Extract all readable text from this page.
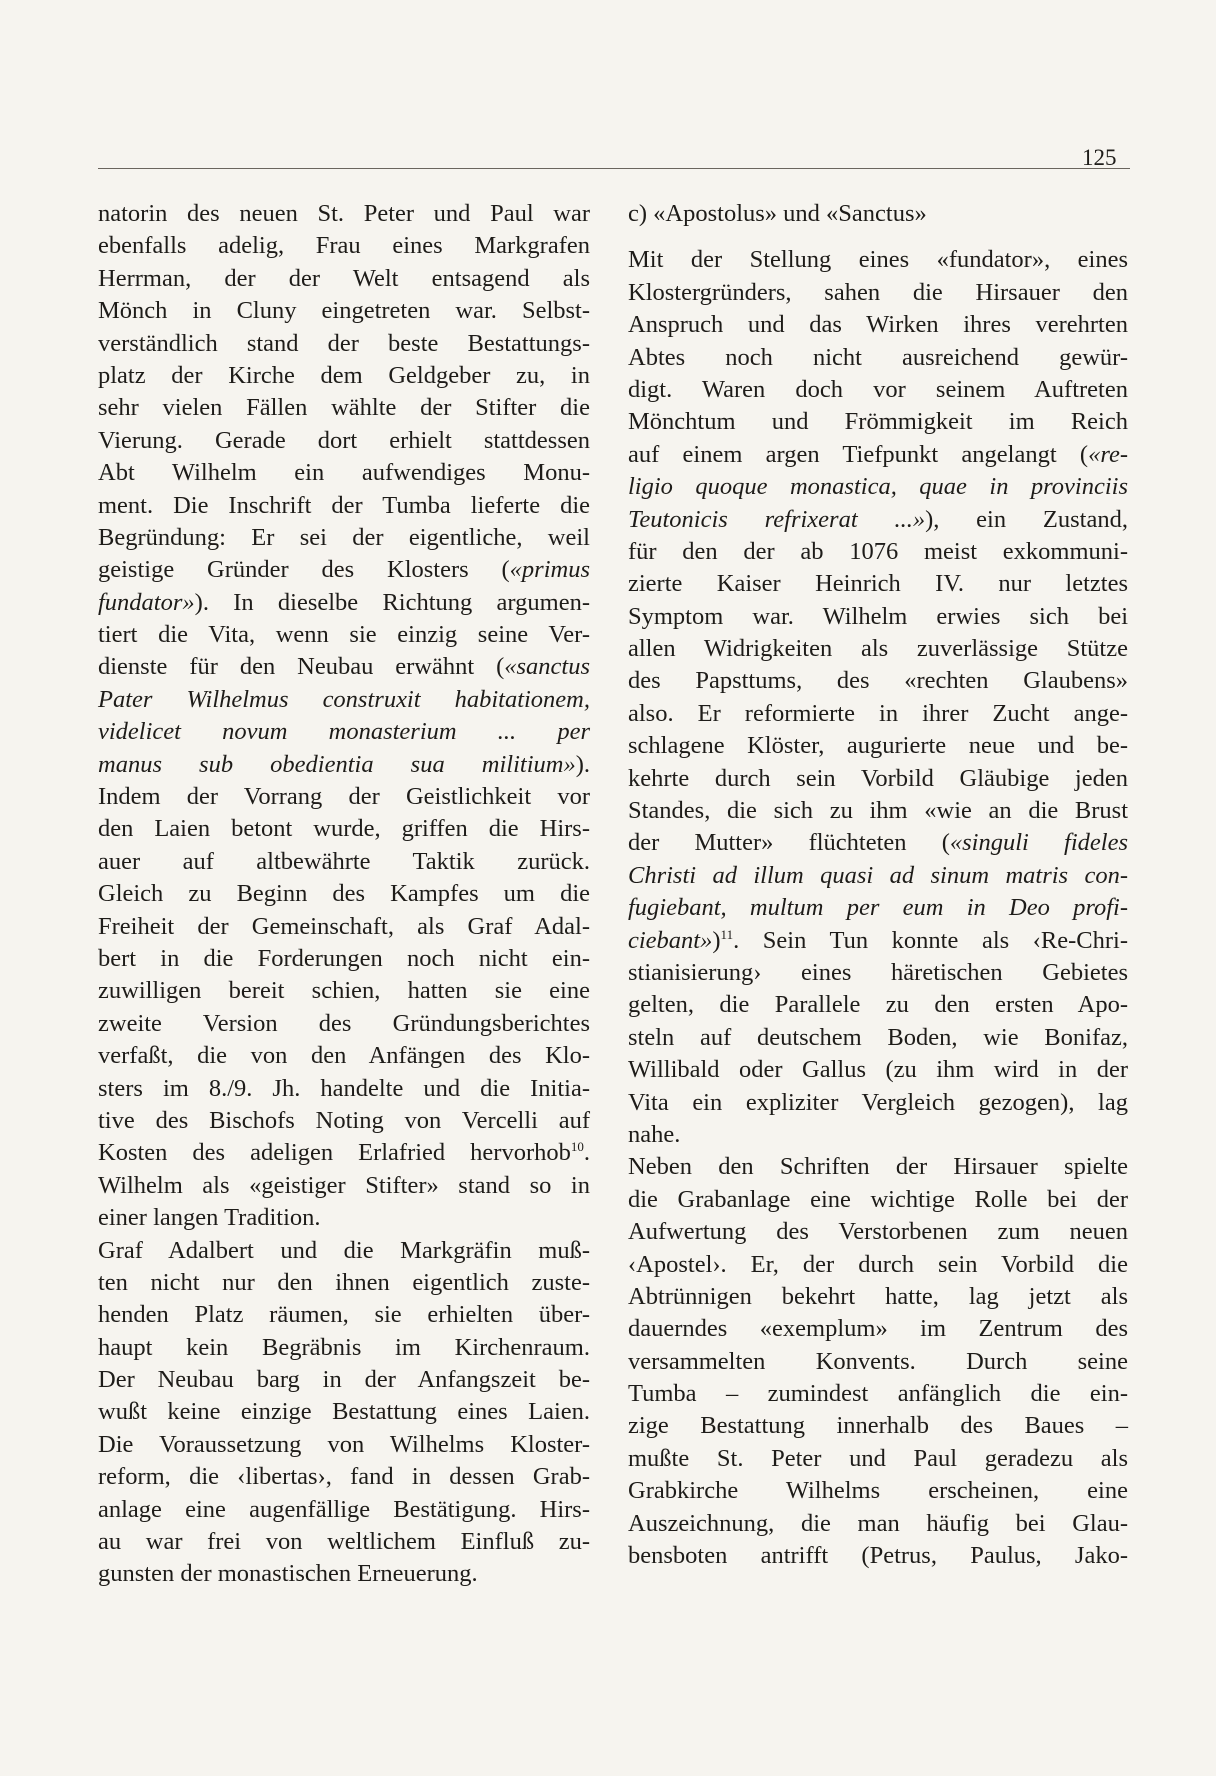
125
natorin des neuen St. Peter und Paul war
ebenfalls adelig, Frau eines Markgrafen
Herrman, der der Welt entsagend als
Mönch in Cluny eingetreten war. Selbst-
verständlich stand der beste Bestattungs-
platz der Kirche dem Geldgeber zu, in
sehr vielen Fällen wählte der Stifter die
Vierung. Gerade dort erhielt stattdessen
Abt Wilhelm ein aufwendiges Monu-
ment. Die Inschrift der Tumba lieferte die
Begründung: Er sei der eigentliche, weil
geistige Gründer des Klosters («primus
fundator»). In dieselbe Richtung argumen-
tiert die Vita, wenn sie einzig seine Ver-
dienste für den Neubau erwähnt («sanctus
Pater Wilhelmus construxit habitationem,
videlicet novum monasterium ... per
manus sub obedientia sua militium»).
Indem der Vorrang der Geistlichkeit vor
den Laien betont wurde, griffen die Hirs-
auer auf altbewährte Taktik zurück.
Gleich zu Beginn des Kampfes um die
Freiheit der Gemeinschaft, als Graf Adal-
bert in die Forderungen noch nicht ein-
zuwilligen bereit schien, hatten sie eine
zweite Version des Gründungsberichtes
verfaßt, die von den Anfängen des Klo-
sters im 8./9. Jh. handelte und die Initia-
tive des Bischofs Noting von Vercelli auf
Kosten des adeligen Erlafried hervorhob$^{10}$.
Wilhelm als «geistiger Stifter» stand so in
einer langen Tradition.
Graf Adalbert und die Markgräfin muß-
ten nicht nur den ihnen eigentlich zuste-
henden Platz räumen, sie erhielten über-
haupt kein Begräbnis im Kirchenraum.
Der Neubau barg in der Anfangszeit be-
wußt keine einzige Bestattung eines Laien.
Die Voraussetzung von Wilhelms Kloster-
reform, die ‹libertas›, fand in dessen Grab-
anlage eine augenfällige Bestätigung. Hirs-
au war frei von weltlichem Einfluß zu-
gunsten der monastischen Erneuerung.
c) «Apostolus» und «Sanctus»
Mit der Stellung eines «fundator», eines
Klostergründers, sahen die Hirsauer den
Anspruch und das Wirken ihres verehrten
Abtes noch nicht ausreichend gewür-
digt. Waren doch vor seinem Auftreten
Mönchtum und Frömmigkeit im Reich
auf einem argen Tiefpunkt angelangt («re-
ligio quoque monastica, quae in provinciis
Teutonicis refrixerat ...»), ein Zustand,
für den der ab 1076 meist exkommuni-
zierte Kaiser Heinrich IV. nur letztes
Symptom war. Wilhelm erwies sich bei
allen Widrigkeiten als zuverlässige Stütze
des Papsttums, des «rechten Glaubens»
also. Er reformierte in ihrer Zucht ange-
schlagene Klöster, augurierte neue und be-
kehrte durch sein Vorbild Gläubige jeden
Standes, die sich zu ihm «wie an die Brust
der Mutter» flüchteten («singuli fideles
Christi ad illum quasi ad sinum matris con-
fugiebant, multum per eum in Deo profi-
ciebant»)$^{11}$. Sein Tun konnte als ‹Re-Chri-
stianisierung› eines häretischen Gebietes
gelten, die Parallele zu den ersten Apo-
steln auf deutschem Boden, wie Bonifaz,
Willibald oder Gallus (zu ihm wird in der
Vita ein expliziter Vergleich gezogen), lag
nahe.
Neben den Schriften der Hirsauer spielte
die Grabanlage eine wichtige Rolle bei der
Aufwertung des Verstorbenen zum neuen
‹Apostel›. Er, der durch sein Vorbild die
Abtrünnigen bekehrt hatte, lag jetzt als
dauerndes «exemplum» im Zentrum des
versammelten Konvents. Durch seine
Tumba – zumindest anfänglich die ein-
zige Bestattung innerhalb des Baues –
mußte St. Peter und Paul geradezu als
Grabkirche Wilhelms erscheinen, eine
Auszeichnung, die man häufig bei Glau-
bensboten antrifft (Petrus, Paulus, Jako-
